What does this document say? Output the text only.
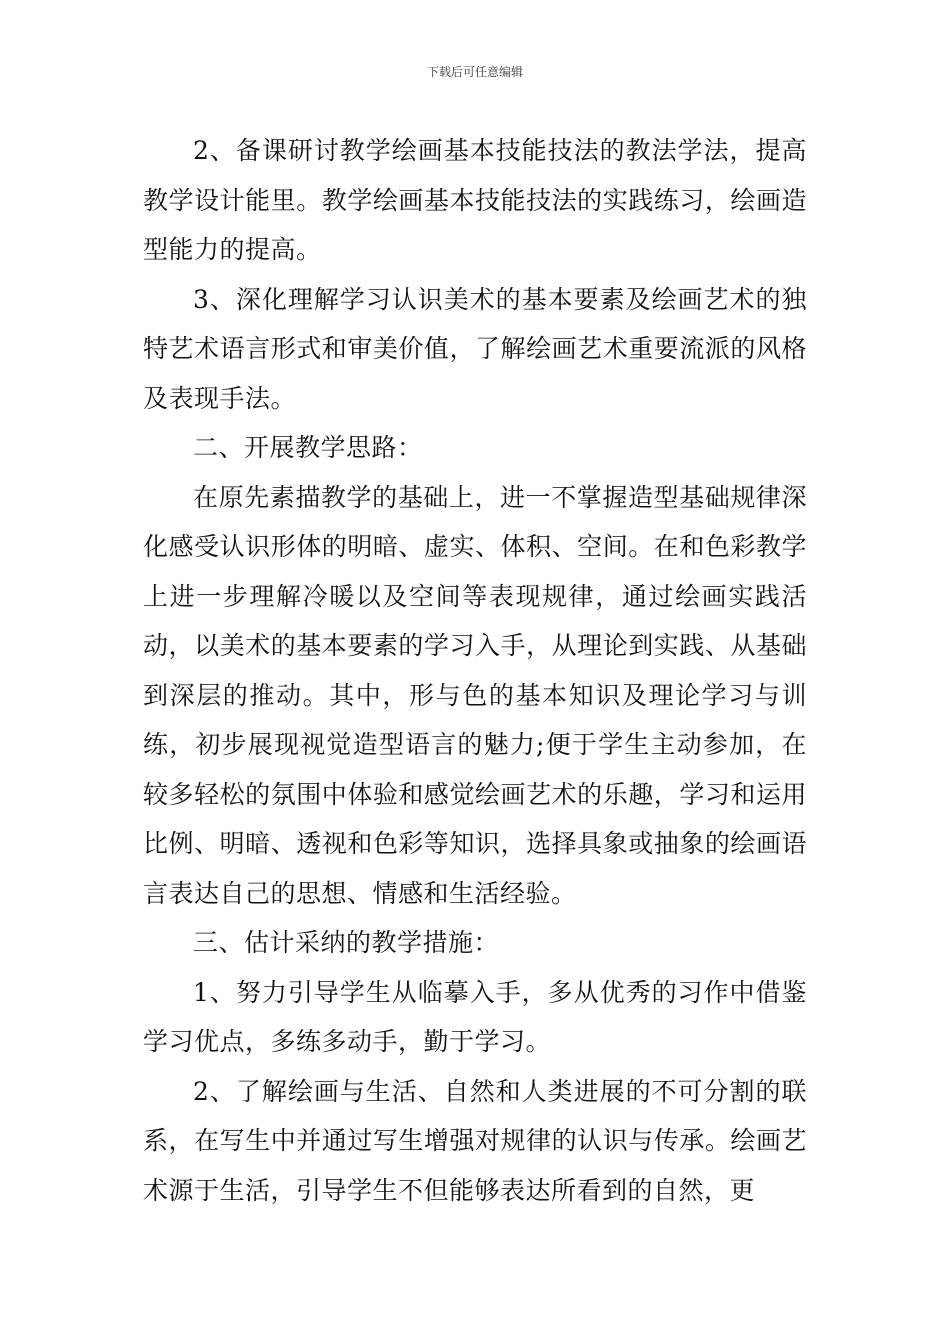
下载后可任意编辑

2、备课研讨教学绘画基本技能技法的教法学法，提高教学设计能里。教学绘画基本技能技法的实践练习，绘画造型能力的提高。

3、深化理解学习认识美术的基本要素及绘画艺术的独特艺术语言形式和审美价值，了解绘画艺术重要流派的风格及表现手法。

二、开展教学思路：

在原先素描教学的基础上，进一不掌握造型基础规律深化感受认识形体的明暗、虚实、体积、空间。在和色彩教学上进一步理解冷暖以及空间等表现规律，通过绘画实践活动，以美术的基本要素的学习入手，从理论到实践、从基础到深层的推动。其中，形与色的基本知识及理论学习与训练，初步展现视觉造型语言的魅力;便于学生主动参加，在较多轻松的氛围中体验和感觉绘画艺术的乐趣，学习和运用比例、明暗、透视和色彩等知识，选择具象或抽象的绘画语言表达自己的思想、情感和生活经验。

三、估计采纳的教学措施：

1、努力引导学生从临摹入手，多从优秀的习作中借鉴学习优点，多练多动手，勤于学习。

2、了解绘画与生活、自然和人类进展的不可分割的联系，在写生中并通过写生增强对规律的认识与传承。绘画艺术源于生活，引导学生不但能够表达所看到的自然，更
